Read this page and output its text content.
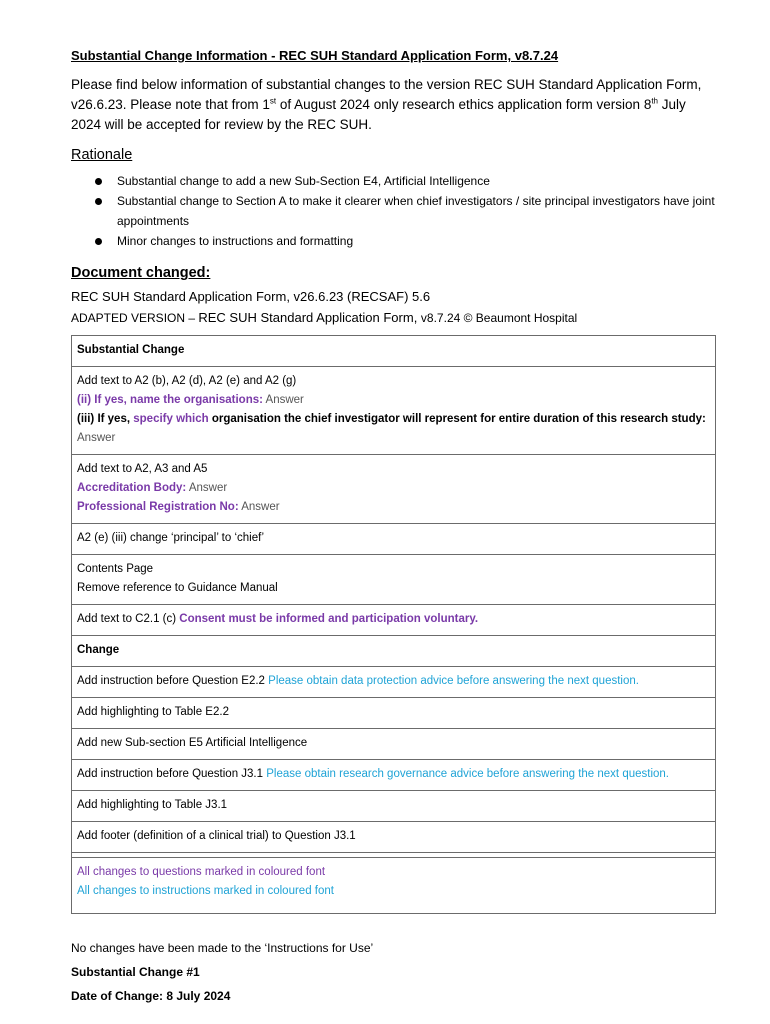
Substantial Change Information - REC SUH Standard Application Form, v8.7.24
Please find below information of substantial changes to the version REC SUH Standard Application Form, v26.6.23. Please note that from 1st of August 2024 only research ethics application form version 8th July 2024 will be accepted for review by the REC SUH.
Rationale
Substantial change to add a new Sub-Section E4, Artificial Intelligence
Substantial change to Section A to make it clearer when chief investigators / site principal investigators have joint appointments
Minor changes to instructions and formatting
Document changed:
REC SUH Standard Application Form, v26.6.23 (RECSAF) 5.6
ADAPTED VERSION – REC SUH Standard Application Form, v8.7.24 © Beaumont Hospital
Substantial Change

Add text to A2 (b), A2 (d), A2 (e) and A2 (g)
(ii) If yes, name the organisations: Answer
(iii) If yes, specify which organisation the chief investigator will represent for entire duration of this research study:
Answer

Add text to A2, A3 and A5
Accreditation Body: Answer
Professional Registration No: Answer

A2 (e) (iii) change ‘principal’ to ‘chief’

Contents Page
Remove reference to Guidance Manual

Add text to C2.1 (c) Consent must be informed and participation voluntary.
Change
Add instruction before Question E2.2 Please obtain data protection advice before answering the next question.
Add highlighting to Table E2.2
Add new Sub-section E5 Artificial Intelligence
Add instruction before Question J3.1 Please obtain research governance advice before answering the next question.
Add highlighting to Table J3.1
Add footer (definition of a clinical trial) to Question J3.1

All changes to questions marked in coloured font
All changes to instructions marked in coloured font
No changes have been made to the ‘Instructions for Use’
Substantial Change #1
Date of Change: 8 July 2024
